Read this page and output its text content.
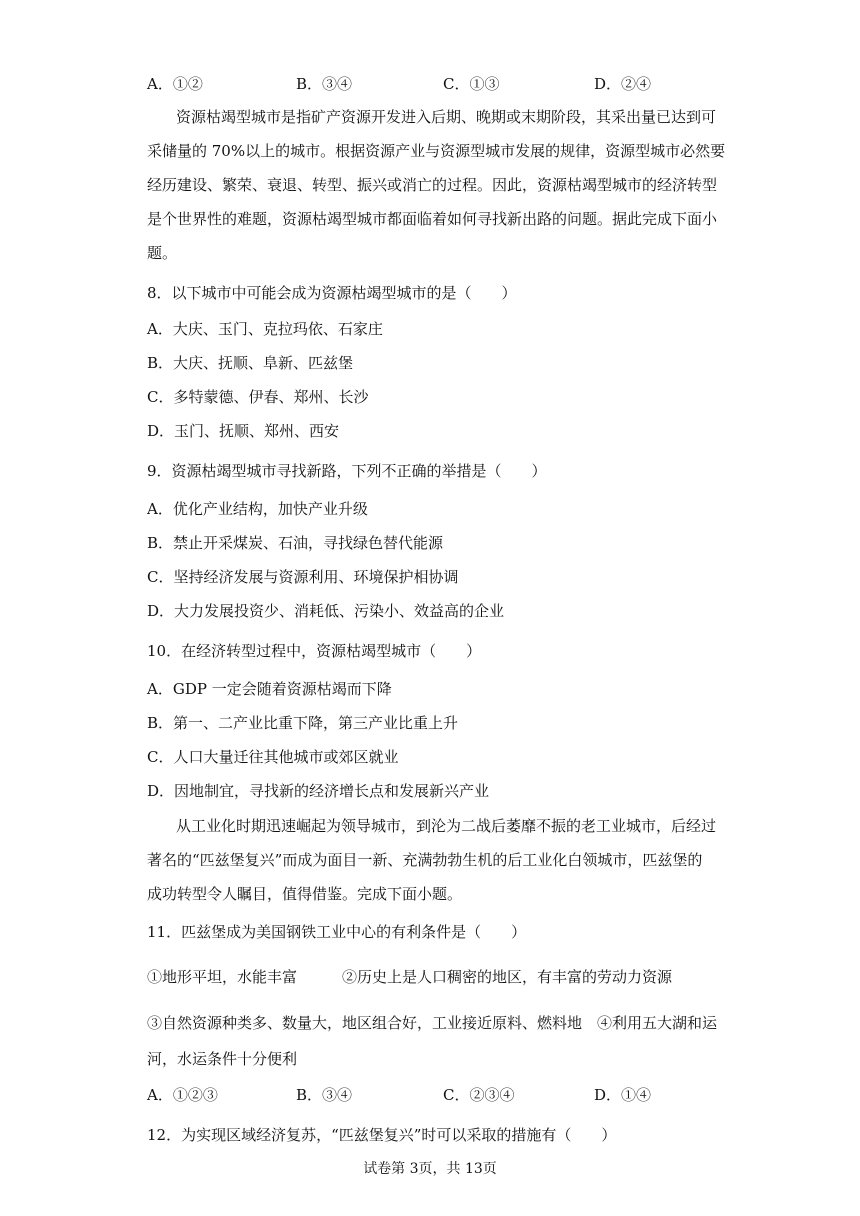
A．①②	B．③④	C．①③	D．②④
资源枯竭型城市是指矿产资源开发进入后期、晚期或末期阶段，其采出量已达到可
采储量的 70%以上的城市。根据资源产业与资源型城市发展的规律，资源型城市必然要
经历建设、繁荣、衰退、转型、振兴或消亡的过程。因此，资源枯竭型城市的经济转型
是个世界性的难题，资源枯竭型城市都面临着如何寻找新出路的问题。据此完成下面小
题。
8．以下城市中可能会成为资源枯竭型城市的是（　　）
A．大庆、玉门、克拉玛依、石家庄
B．大庆、抚顺、阜新、匹兹堡
C．多特蒙德、伊春、郑州、长沙
D．玉门、抚顺、郑州、西安
9．资源枯竭型城市寻找新路，下列不正确的举措是（　　）
A．优化产业结构，加快产业升级
B．禁止开采煤炭、石油，寻找绿色替代能源
C．坚持经济发展与资源利用、环境保护相协调
D．大力发展投资少、消耗低、污染小、效益高的企业
10．在经济转型过程中，资源枯竭型城市（　　）
A．GDP 一定会随着资源枯竭而下降
B．第一、二产业比重下降，第三产业比重上升
C．人口大量迁往其他城市或郊区就业
D．因地制宜，寻找新的经济增长点和发展新兴产业
从工业化时期迅速崛起为领导城市，到沦为二战后萎靡不振的老工业城市，后经过
著名的“匹兹堡复兴”而成为面目一新、充满勃勃生机的后工业化白领城市，匹兹堡的
成功转型令人瞩目，值得借鉴。完成下面小题。
11．匹兹堡成为美国钢铁工业中心的有利条件是（　　）
①地形平坦，水能丰富　　　②历史上是人口稠密的地区，有丰富的劳动力资源
③自然资源种类多、数量大，地区组合好，工业接近原料、燃料地　④利用五大湖和运
河，水运条件十分便利
A．①②③	B．③④	C．②③④	D．①④
12．为实现区域经济复苏，“匹兹堡复兴”时可以采取的措施有（　　）
试卷第 3页，共 13页
